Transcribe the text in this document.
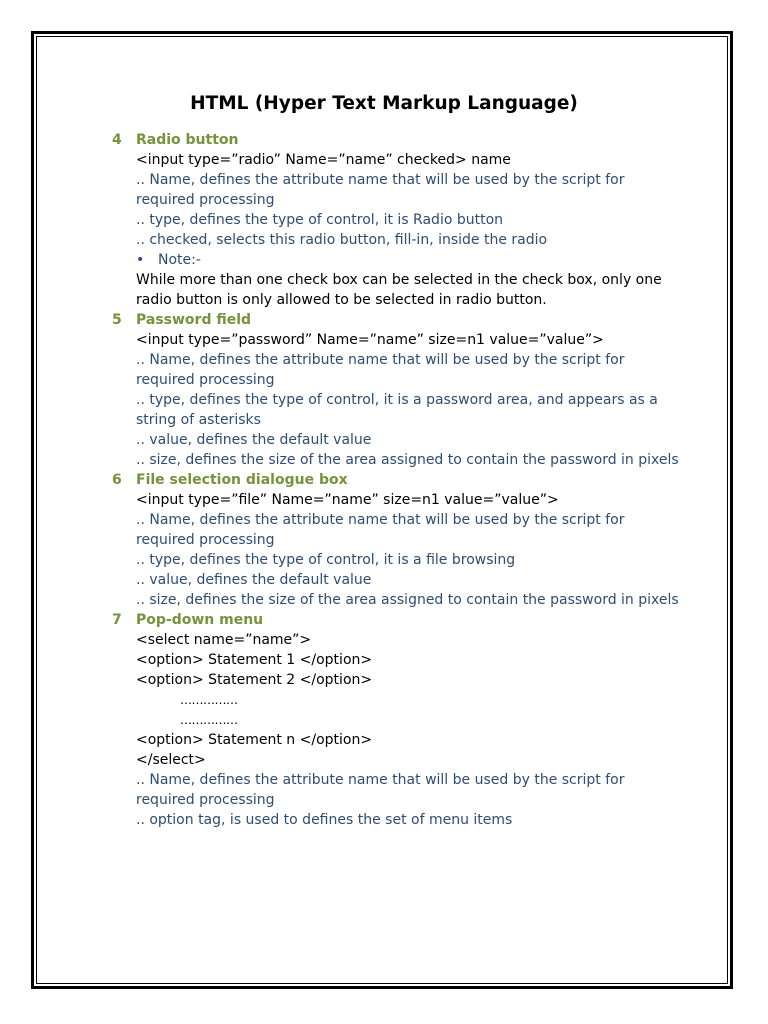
HTML (Hyper Text Markup Language)
4 Radio button
<input type=”radio” Name=”name” checked> name
.. Name, defines the attribute name that will be used by the script for
required processing
.. type, defines the type of control, it is Radio button
.. checked, selects this radio button, fill-in, inside the radio
• Note:-
While more than one check box can be selected in the check box, only one
radio button is only allowed to be selected in radio button.
5 Password field
<input type=”password” Name=”name” size=n1 value=”value”>
.. Name, defines the attribute name that will be used by the script for
required processing
.. type, defines the type of control, it is a password area, and appears as a
string of asterisks
.. value, defines the default value
.. size, defines the size of the area assigned to contain the password in pixels
6 File selection dialogue box
<input type=”file” Name=”name” size=n1 value=”value”>
.. Name, defines the attribute name that will be used by the script for
required processing
.. type, defines the type of control, it is a file browsing
.. value, defines the default value
.. size, defines the size of the area assigned to contain the password in pixels
7 Pop-down menu
<select name=”name”>
<option> Statement 1 </option>
<option> Statement 2 </option>
……………
……………
<option> Statement n </option>
</select>
.. Name, defines the attribute name that will be used by the script for
required processing
.. option tag, is used to defines the set of menu items
